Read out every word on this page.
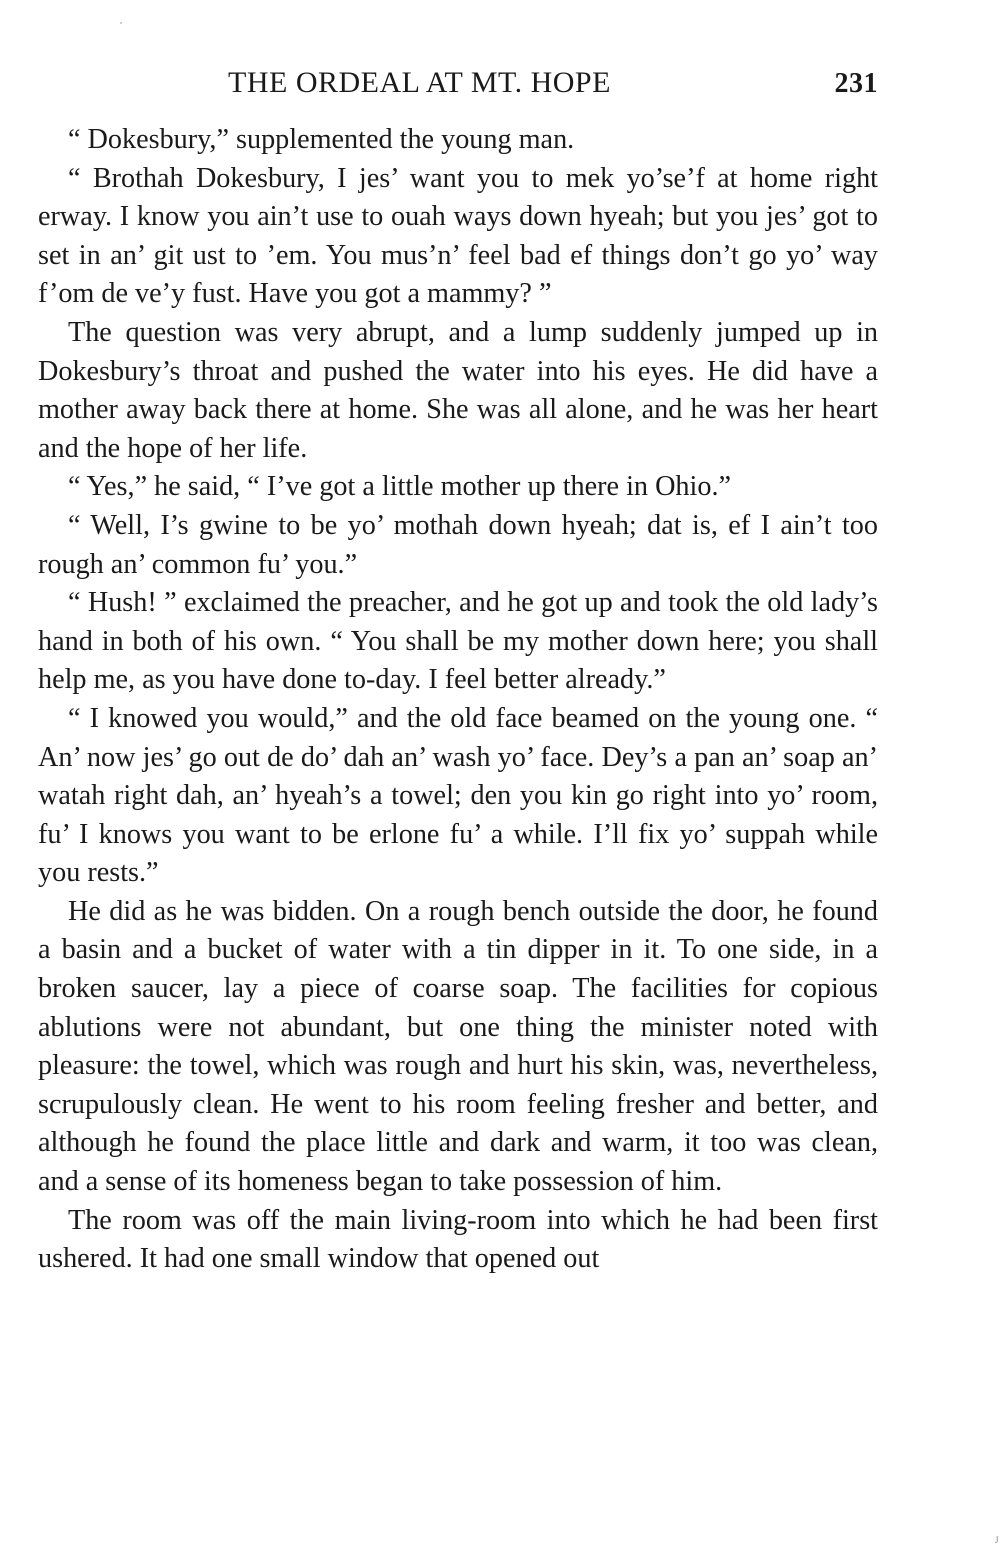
THE ORDEAL AT MT. HOPE	231

“ Dokesbury,” supplemented the young man.

“ Brothah Dokesbury, I jes’ want you to mek yo’se’f at home right erway. I know you ain’t use to ouah ways down hyeah; but you jes’ got to set in an’ git ust to ’em. You mus’n’ feel bad ef things don’t go yo’ way f’om de ve’y fust. Have you got a mammy? ”

The question was very abrupt, and a lump suddenly jumped up in Dokesbury’s throat and pushed the water into his eyes. He did have a mother away back there at home. She was all alone, and he was her heart and the hope of her life.

“ Yes,” he said, “ I’ve got a little mother up there in Ohio.”

“ Well, I’s gwine to be yo’ mothah down hyeah; dat is, ef I ain’t too rough an’ common fu’ you.”

“ Hush! ” exclaimed the preacher, and he got up and took the old lady’s hand in both of his own. “ You shall be my mother down here; you shall help me, as you have done to-day. I feel better already.”

“ I knowed you would,” and the old face beamed on the young one. “ An’ now jes’ go out de do’ dah an’ wash yo’ face. Dey’s a pan an’ soap an’ watah right dah, an’ hyeah’s a towel; den you kin go right into yo’ room, fu’ I knows you want to be erlone fu’ a while. I’ll fix yo’ suppah while you rests.”

He did as he was bidden. On a rough bench outside the door, he found a basin and a bucket of water with a tin dipper in it. To one side, in a broken saucer, lay a piece of coarse soap. The facilities for copious ablutions were not abundant, but one thing the minister noted with pleasure: the towel, which was rough and hurt his skin, was, nevertheless, scrupulously clean. He went to his room feeling fresher and better, and although he found the place little and dark and warm, it too was clean, and a sense of its homeness began to take possession of him.

The room was off the main living-room into which he had been first ushered. It had one small window that opened out

J
